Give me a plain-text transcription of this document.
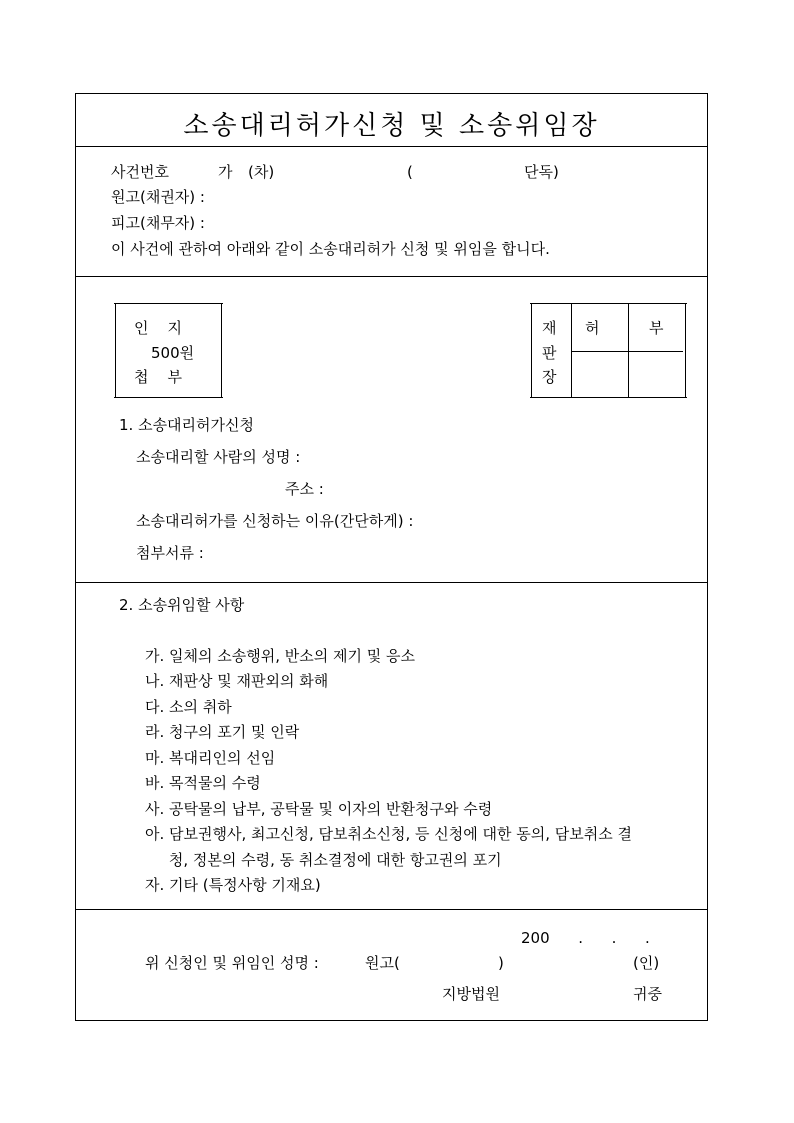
소송대리허가신청 및 소송위임장
사건번호	가 (차)	(	단독)
원고(채권자) :
피고(채무자) :
이 사건에 관하여 아래와 같이 소송대리허가 신청 및 위임을 합니다.
인    지
500원
첩    부
재
판
장
허	부
1. 소송대리허가신청
소송대리할 사람의 성명 :
주소 :
소송대리허가를 신청하는 이유(간단하게) :
첨부서류 :
2. 소송위임할 사항
가. 일체의 소송행위, 반소의 제기 및 응소
나. 재판상 및 재판외의 화해
다. 소의 취하
라. 청구의 포기 및 인락
마. 복대리인의 선임
바. 목적물의 수령
사. 공탁물의 납부, 공탁물 및 이자의 반환청구와 수령
아. 담보권행사, 최고신청, 담보취소신청, 등 신청에 대한 동의, 담보취소 결
청, 정본의 수령, 동 취소결정에 대한 항고권의 포기
자. 기타 (특정사항 기재요)
200      .      .      .
위 신청인 및 위임인 성명 :	원고(	)	(인)
지방법원	귀중
